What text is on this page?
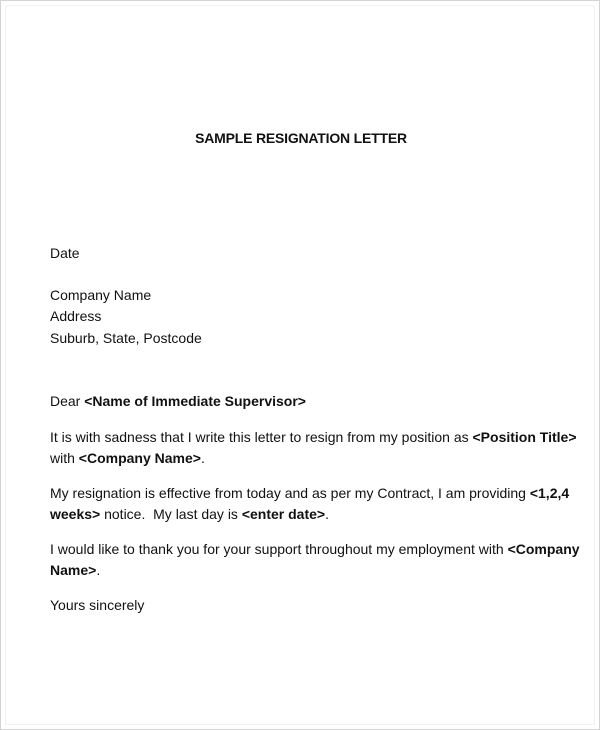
SAMPLE RESIGNATION LETTER
Date
Company Name
Address
Suburb, State, Postcode
Dear <Name of Immediate Supervisor>
It is with sadness that I write this letter to resign from my position as <Position Title>
with <Company Name>.
My resignation is effective from today and as per my Contract, I am providing <1,2,4
weeks> notice.  My last day is <enter date>.
I would like to thank you for your support throughout my employment with <Company
Name>.
Yours sincerely
